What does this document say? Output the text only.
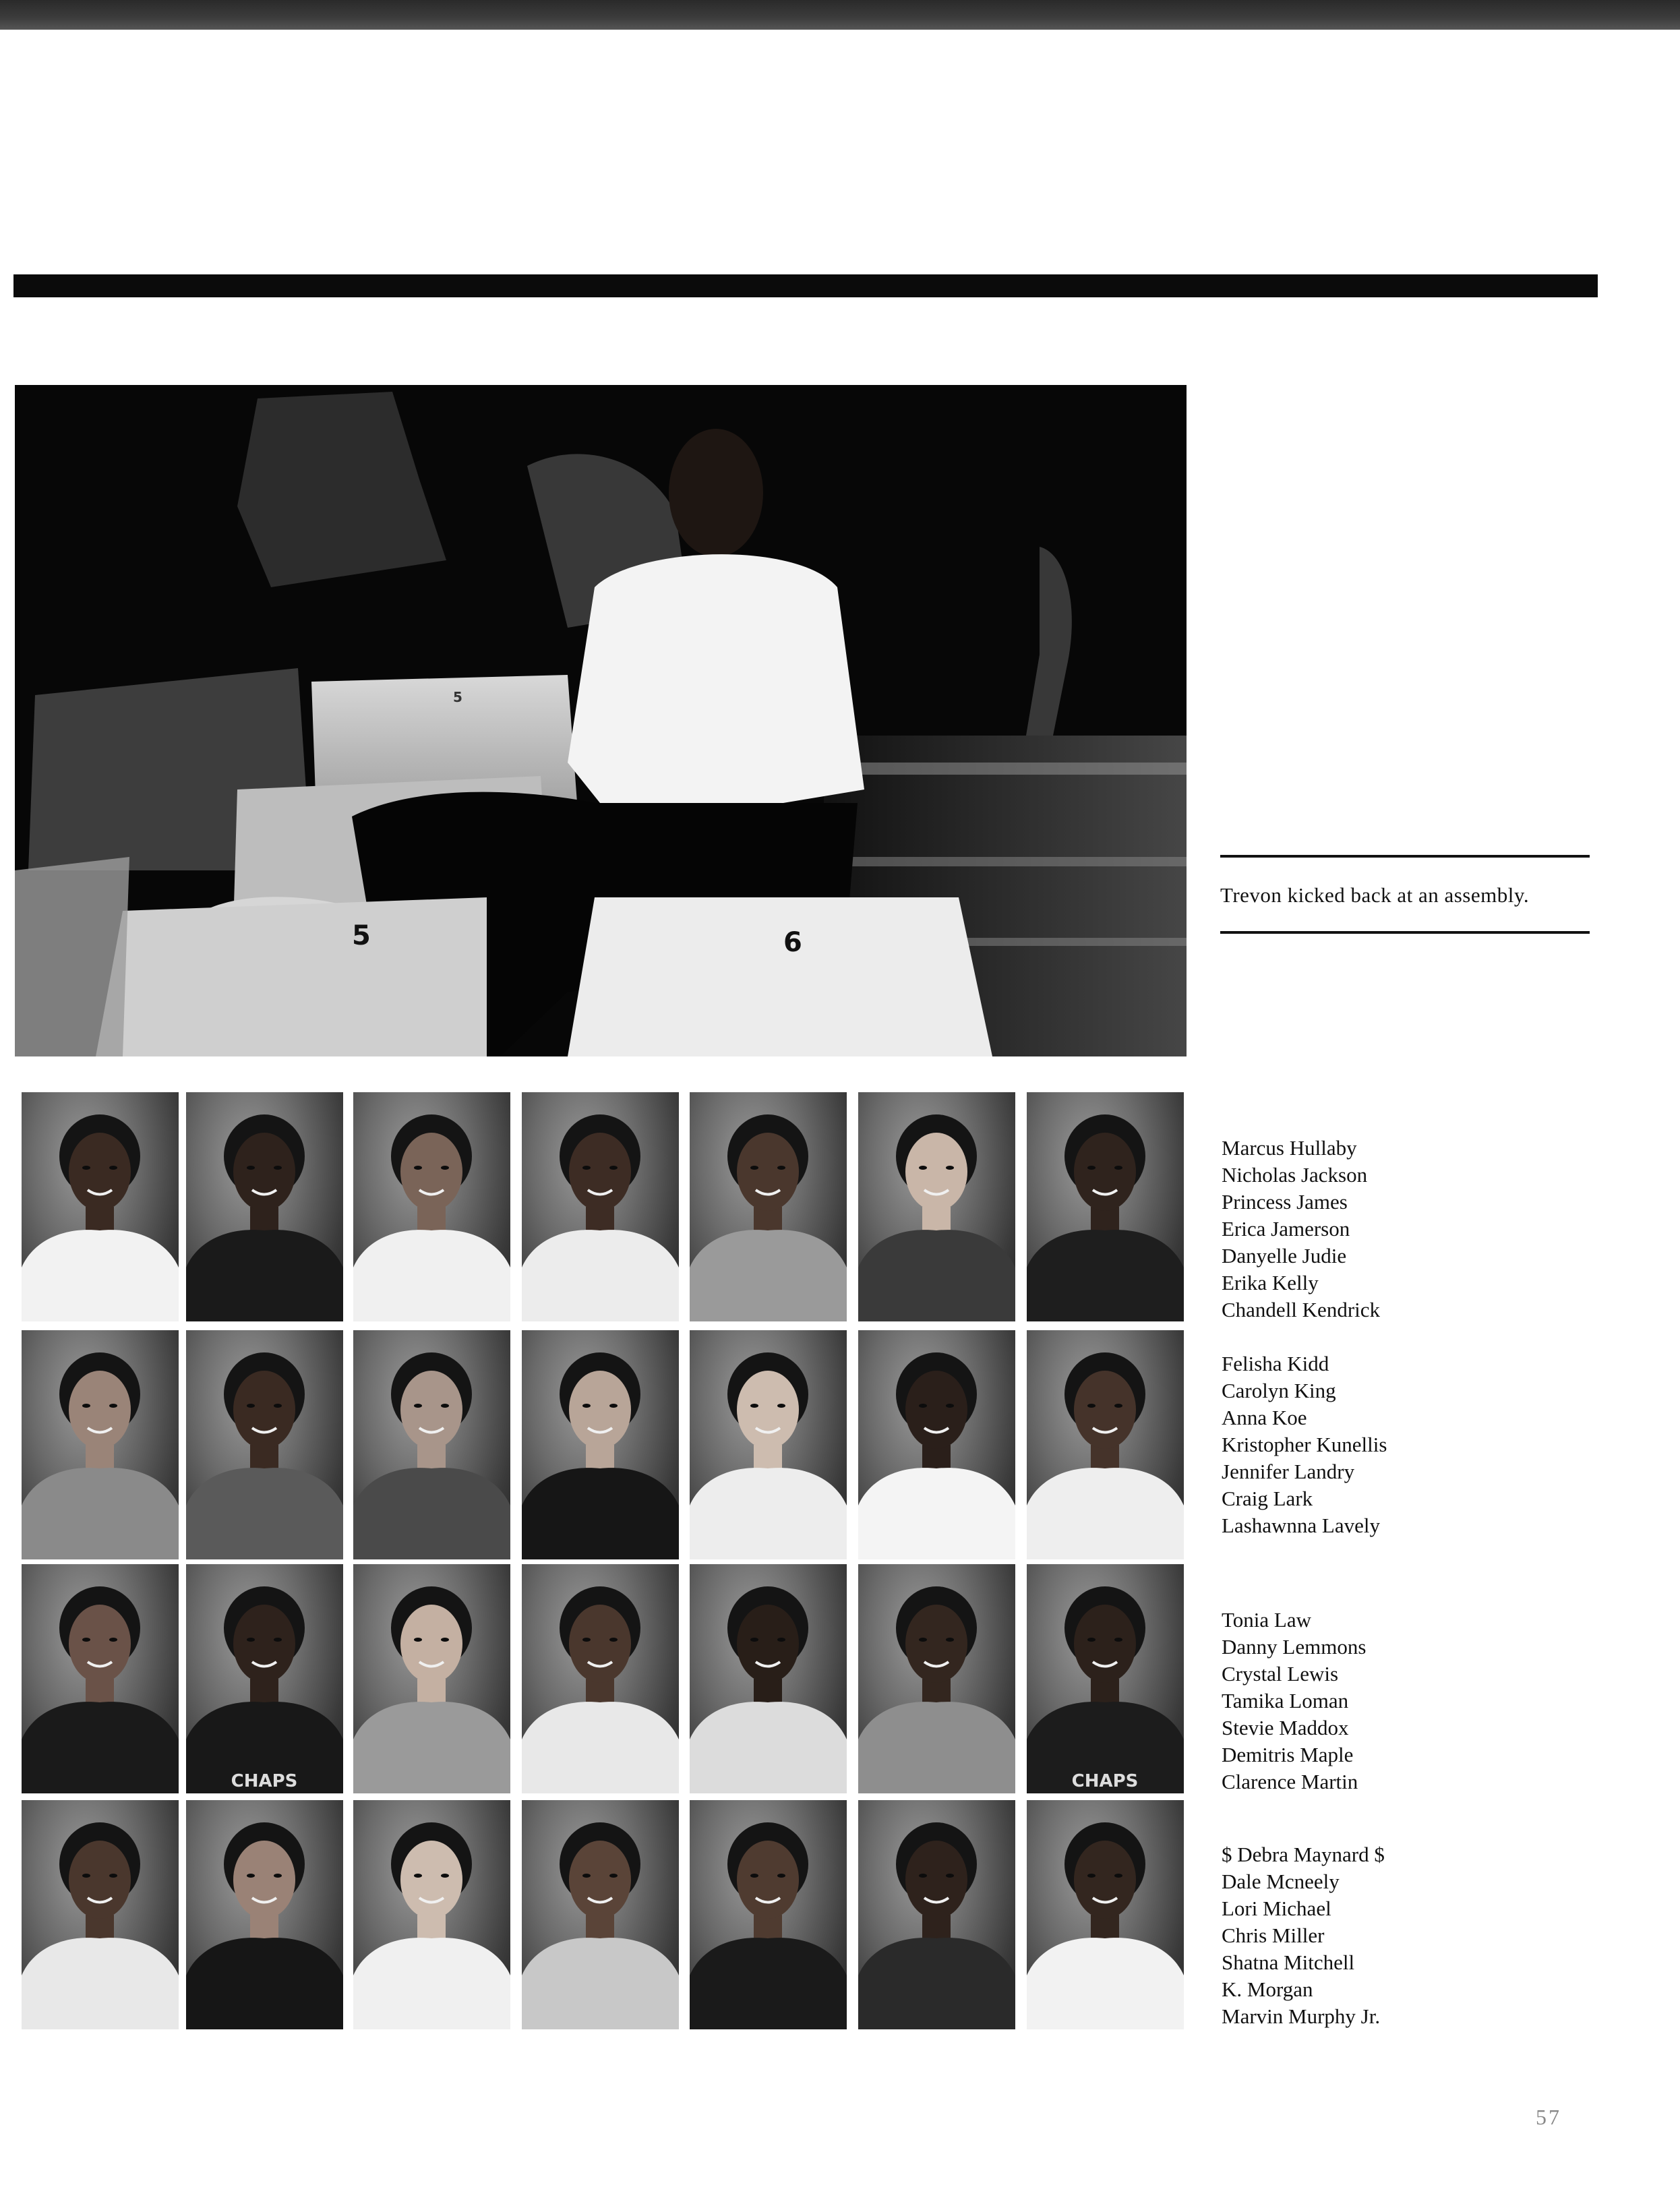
5	6
5
Trevon kicked back at an assembly.
CHAPS	CHAPS
Marcus Hullaby
Nicholas Jackson
Princess James
Erica Jamerson
Danyelle Judie
Erika Kelly
Chandell Kendrick
Felisha Kidd
Carolyn King
Anna Koe
Kristopher Kunellis
Jennifer Landry
Craig Lark
Lashawnna Lavely
Tonia Law
Danny Lemmons
Crystal Lewis
Tamika Loman
Stevie Maddox
Demitris Maple
Clarence Martin
$ Debra Maynard $
Dale Mcneely
Lori Michael
Chris Miller
Shatna Mitchell
K. Morgan
Marvin Murphy Jr.
57
